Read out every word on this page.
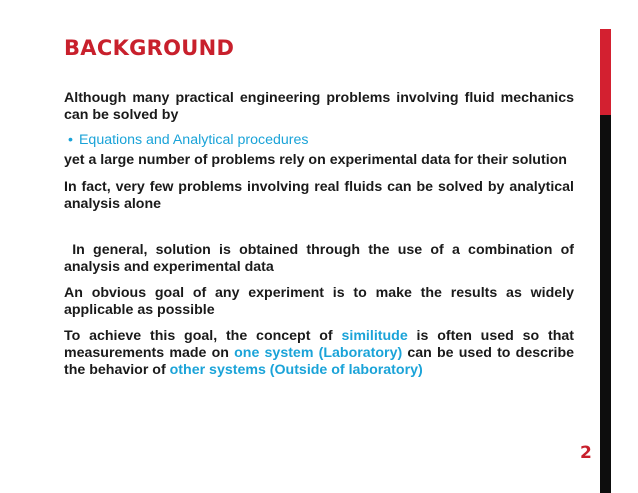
BACKGROUND

Although many practical engineering problems involving fluid mechanics can be solved by

• Equations and Analytical procedures

yet a large number of problems rely on experimental data for their solution

In fact, very few problems involving real fluids can be solved by analytical analysis alone

In general, solution is obtained through the use of a combination of analysis and experimental data

An obvious goal of any experiment is to make the results as widely applicable as possible

To achieve this goal, the concept of similitude is often used so that measurements made on one system (Laboratory) can be used to describe the behavior of other systems (Outside of laboratory)

2
